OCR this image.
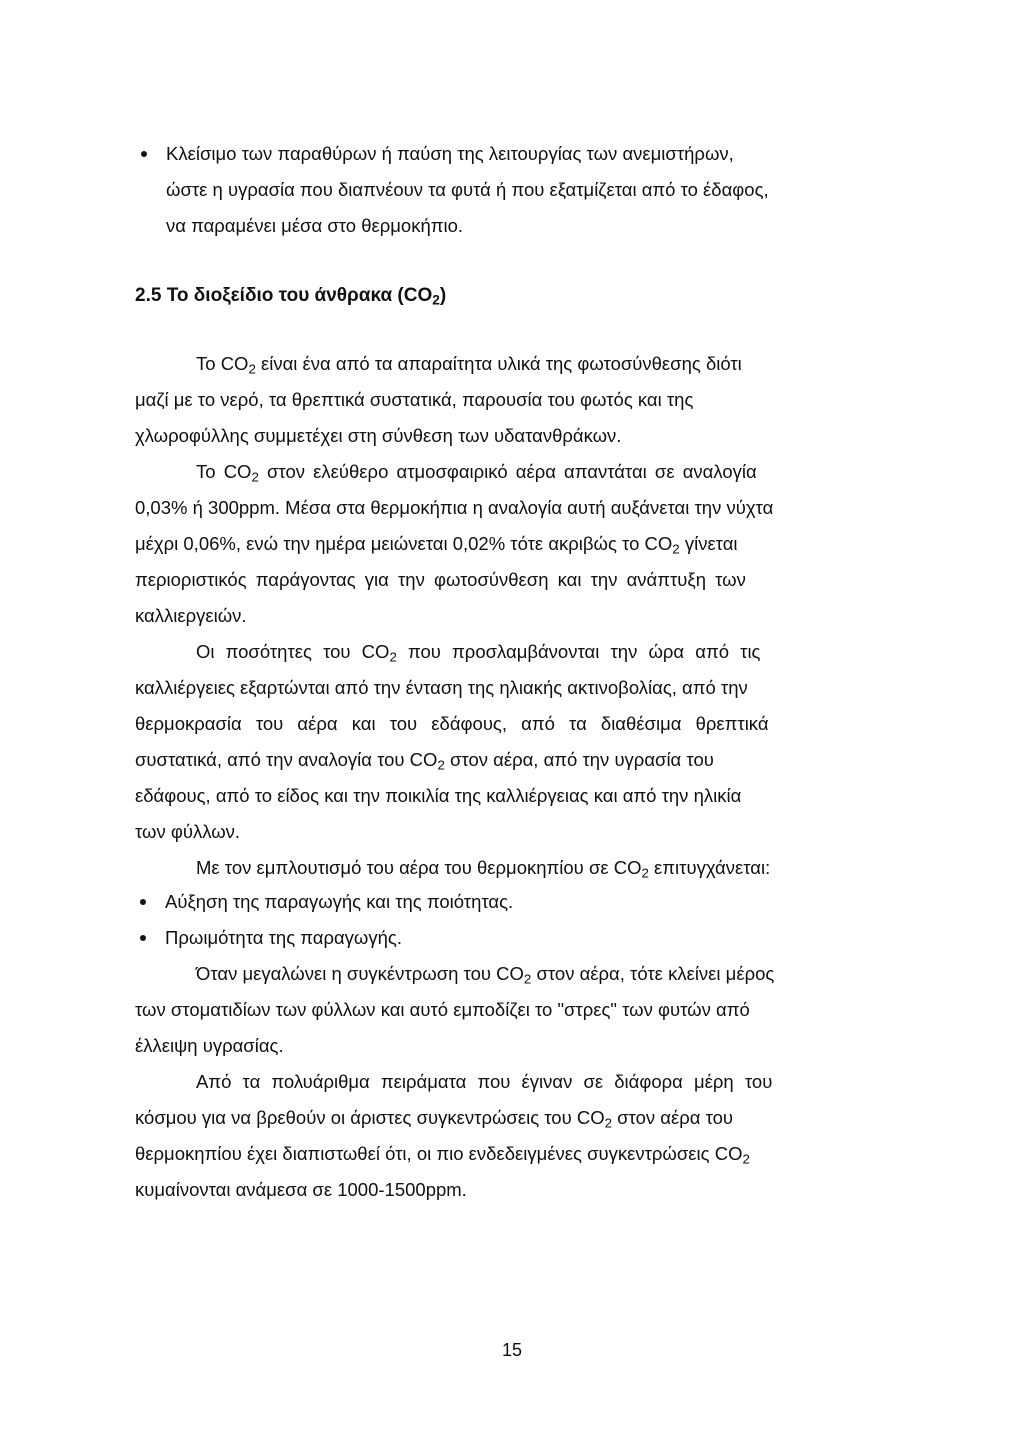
Κλείσιμο των παραθύρων ή παύση της λειτουργίας των ανεμιστήρων,
ώστε η υγρασία που διαπνέουν τα φυτά ή που εξατμίζεται από το έδαφος,
να παραμένει μέσα στο θερμοκήπιο.
2.5 Το διοξείδιο του άνθρακα $(CO_2)$
Το $CO_2$ είναι ένα από τα απαραίτητα υλικά της φωτοσύνθεσης διότι
μαζί με το νερό, τα θρεπτικά συστατικά, παρουσία του φωτός και της
χλωροφύλλης συμμετέχει στη σύνθεση των υδατανθράκων.
Το $CO_2$ στον ελεύθερο ατμοσφαιρικό αέρα απαντάται σε αναλογία
0,03% ή 300ppm. Μέσα στα θερμοκήπια η αναλογία αυτή αυξάνεται την νύχτα
μέχρι 0,06%, ενώ την ημέρα μειώνεται 0,02% τότε ακριβώς το $CO_2$ γίνεται
περιοριστικός παράγοντας για την φωτοσύνθεση και την ανάπτυξη των
καλλιεργειών.
Οι ποσότητες του $CO_2$ που προσλαμβάνονται την ώρα από τις
καλλιέργειες εξαρτώνται από την ένταση της ηλιακής ακτινοβολίας, από την
θερμοκρασία του αέρα και του εδάφους, από τα διαθέσιμα θρεπτικά
συστατικά, από την αναλογία του $CO_2$ στον αέρα, από την υγρασία του
εδάφους, από το είδος και την ποικιλία της καλλιέργειας και από την ηλικία
των φύλλων.
Με τον εμπλουτισμό του αέρα του θερμοκηπίου σε $CO_2$ επιτυγχάνεται:
Αύξηση της παραγωγής και της ποιότητας.
Πρωιμότητα της παραγωγής.
Όταν μεγαλώνει η συγκέντρωση του $CO_2$ στον αέρα, τότε κλείνει μέρος
των στοματιδίων των φύλλων και αυτό εμποδίζει το "στρες" των φυτών από
έλλειψη υγρασίας.
Από τα πολυάριθμα πειράματα που έγιναν σε διάφορα μέρη του
κόσμου για να βρεθούν οι άριστες συγκεντρώσεις του $CO_2$ στον αέρα του
θερμοκηπίου έχει διαπιστωθεί ότι, οι πιο ενδεδειγμένες συγκεντρώσεις $CO_2$
κυμαίνονται ανάμεσα σε 1000-1500ppm.
15
